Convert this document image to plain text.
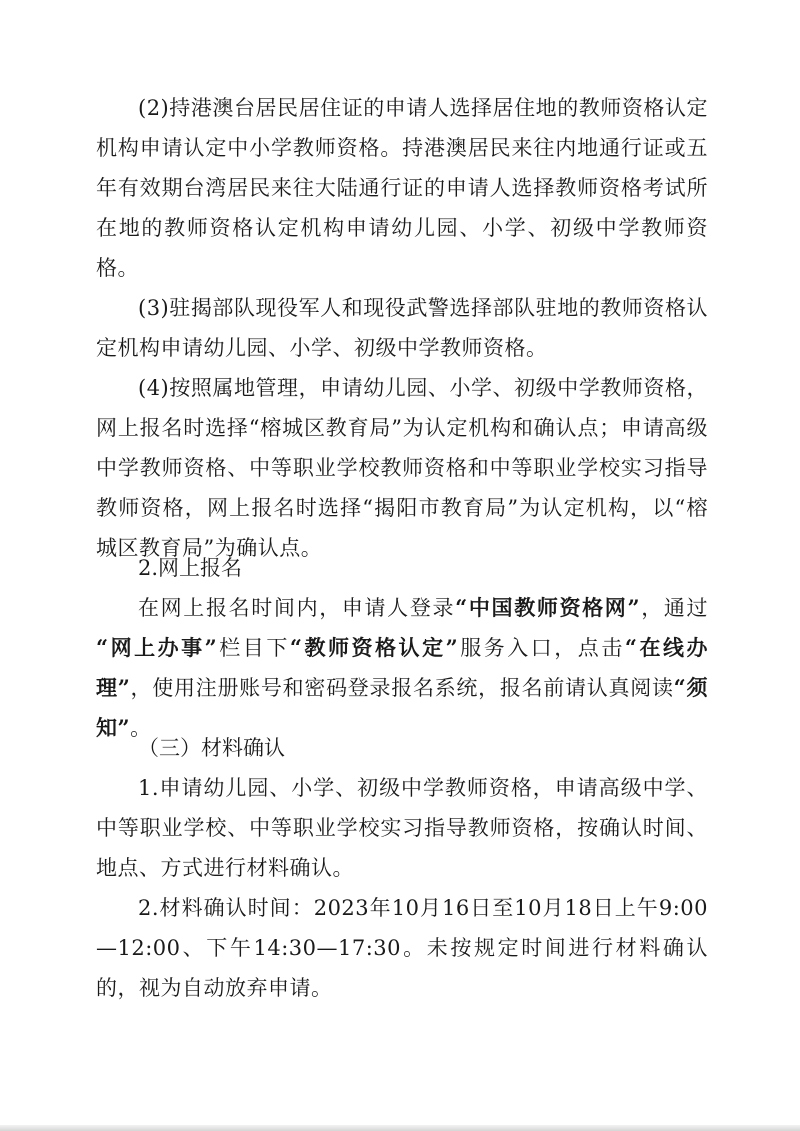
(2)持港澳台居民居住证的申请人选择居住地的教师资格认定机构申请认定中小学教师资格。持港澳居民来往内地通行证或五年有效期台湾居民来往大陆通行证的申请人选择教师资格考试所在地的教师资格认定机构申请幼儿园、小学、初级中学教师资格。

(3)驻揭部队现役军人和现役武警选择部队驻地的教师资格认定机构申请幼儿园、小学、初级中学教师资格。

(4)按照属地管理，申请幼儿园、小学、初级中学教师资格，网上报名时选择“榕城区教育局”为认定机构和确认点；申请高级中学教师资格、中等职业学校教师资格和中等职业学校实习指导教师资格，网上报名时选择“揭阳市教育局”为认定机构，以“榕城区教育局”为确认点。

2.网上报名

在网上报名时间内，申请人登录“中国教师资格网”，通过 “网上办事”栏目下“教师资格认定”服务入口，点击“在线办理”，使用注册账号和密码登录报名系统，报名前请认真阅读“须知”。

（三）材料确认

1.申请幼儿园、小学、初级中学教师资格，申请高级中学、中等职业学校、中等职业学校实习指导教师资格，按确认时间、地点、方式进行材料确认。

2.材料确认时间：2023年10月16日至10月18日上午9:00—12:00、下午14:30—17:30。未按规定时间进行材料确认的，视为自动放弃申请。
